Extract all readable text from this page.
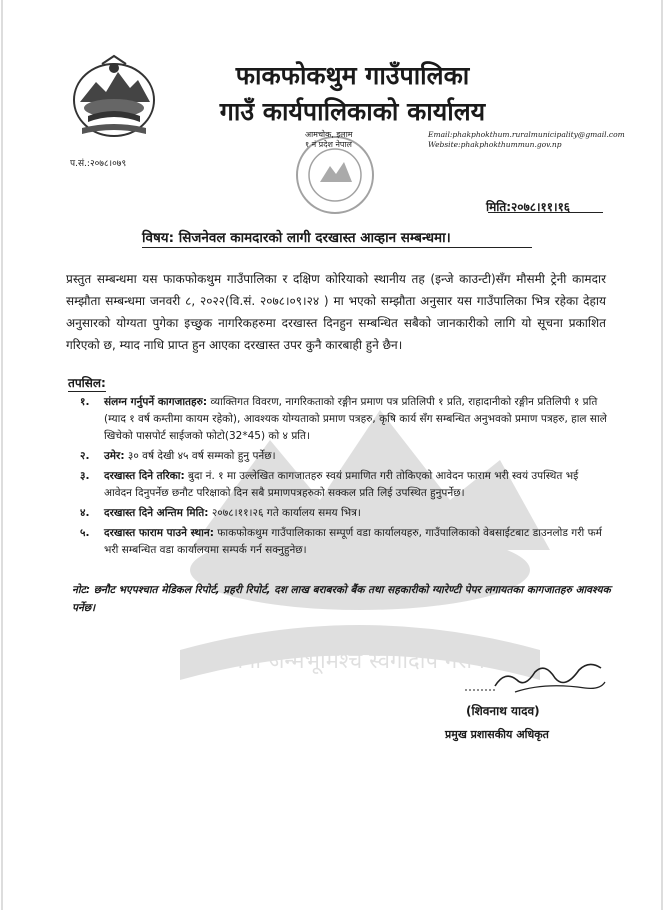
जननी जन्मभूमिश्च स्वर्गादपि गरीयसी
फाकफोकथुम गाउँपालिका
गाउँ कार्यपालिकाको कार्यालय
आमचोक, इलाम
१ नं प्रदेश नेपाल
Email:phakphokthum.ruralmunicipality@gmail.com
Website:phakphokthummun.gov.np
प.सं.:२०७८।०७९
मिति:२०७८।११।१६
विषय: सिजनेवल कामदारको लागी दरखास्त आव्हान सम्बन्धमा।
प्रस्तुत सम्बन्धमा यस फाकफोकथुम गाउँपालिका र दक्षिण कोरियाको स्थानीय तह (इन्जे काउन्टी)सँग मौसमी ट्रेनी कामदार सम्झौता सम्बन्धमा जनवरी ८, २०२२(वि.सं. २०७८।०९।२४ ) मा भएको सम्झौता अनुसार यस गाउँपालिका भित्र रहेका देहाय अनुसारको योग्यता पुगेका इच्छुक नागरिकहरुमा दरखास्त दिनहुन सम्बन्धित सबैको जानकारीको लागि यो सूचना प्रकाशित गरिएको छ, म्याद नाधि प्राप्त हुन आएका दरखास्त उपर कुनै कारबाही हुने छैन।
तपसिल:
१.	संलग्न गर्नुपर्ने कागजातहरु: व्याक्तिगत विवरण, नागरिकताको रङ्गीन प्रमाण पत्र प्रतिलिपी १ प्रति, राहादानीको रङ्गीन प्रतिलिपी १ प्रति (म्याद १ वर्ष कम्तीमा कायम रहेको), आवश्यक योग्यताको प्रमाण पत्रहरु, कृषि कार्य सँग सम्बन्धित अनुभवको प्रमाण पत्रहरु, हाल साले खिचेको पासपोर्ट साईजको फोटो(32*45) को ४ प्रति।
२.	उमेर: ३० वर्ष देखी ४५ वर्ष सम्मको हुनु पर्नेछ।
३.	दरखास्त दिने तरिका: बुदा नं. १ मा उल्लेखित कागजातहरु स्वयं प्रमाणित गरी तोकिएको आवेदन फाराम भरी स्वयं उपस्थित भई आवेदन दिनुपर्नेछ छनौट परिक्षाको दिन सबै प्रमाणपत्रहरुको सक्कल प्रति लिई उपस्थित हुनुपर्नेछ।
४.	दरखास्त दिने अन्तिम मिति: २०७८।११।२६ गते कार्यालय समय भित्र।
५.	दरखास्त फाराम पाउने स्थान: फाकफोकथुम गाउँपालिकाका सम्पूर्ण वडा कार्यालयहरु, गाउँपालिकाको वेबसाईटबाट डाउनलोड गरी फर्म भरी सम्बन्धित वडा कार्यालयमा सम्पर्क गर्न सक्नुहुनेछ।
नोट: छनौट भएपश्चात मेडिकल रिपोर्ट, प्रहरी रिपोर्ट, दश लाख बराबरको बैंक तथा सहकारीको ग्यारेण्टी पेपर लगायतका कागजातहरु आवश्यक पर्नेछ।
(शिवनाथ यादव)
प्रमुख प्रशासकीय अधिकृत
